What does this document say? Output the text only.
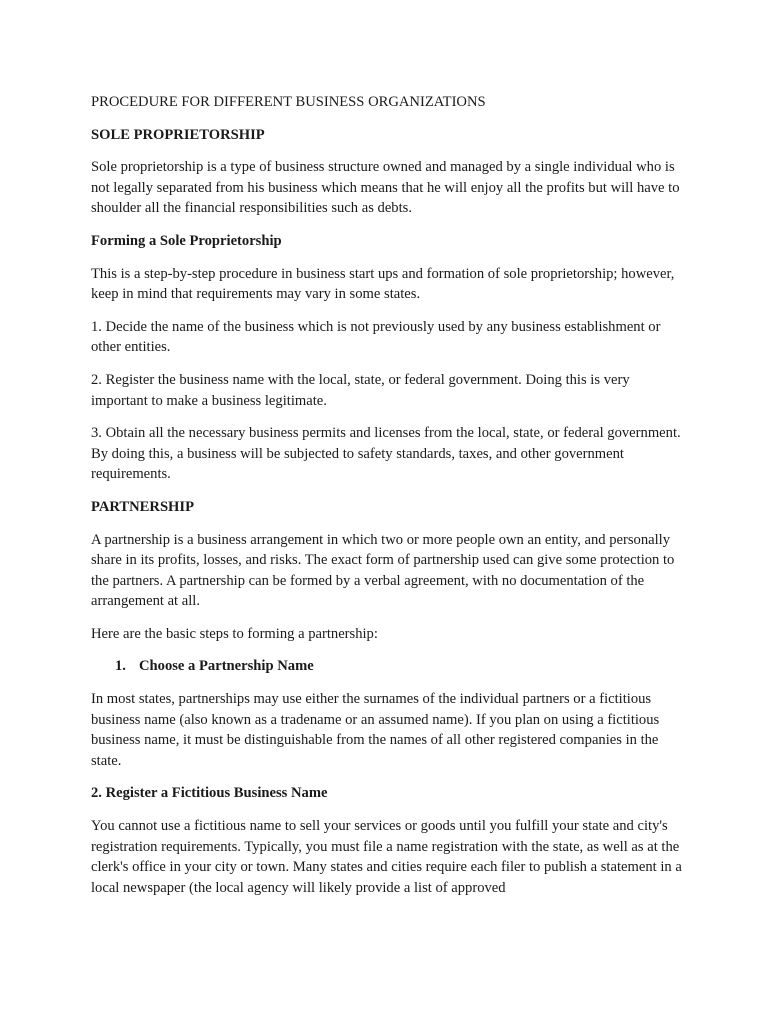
PROCEDURE FOR DIFFERENT BUSINESS ORGANIZATIONS

SOLE PROPRIETORSHIP

Sole proprietorship is a type of business structure owned and managed by a single individual who is not legally separated from his business which means that he will enjoy all the profits but will have to shoulder all the financial responsibilities such as debts.

Forming a Sole Proprietorship

This is a step-by-step procedure in business start ups and formation of sole proprietorship; however, keep in mind that requirements may vary in some states.

1. Decide the name of the business which is not previously used by any business establishment or other entities.

2. Register the business name with the local, state, or federal government. Doing this is very important to make a business legitimate.

3. Obtain all the necessary business permits and licenses from the local, state, or federal government. By doing this, a business will be subjected to safety standards, taxes, and other government requirements.

PARTNERSHIP

A partnership is a business arrangement in which two or more people own an entity, and personally share in its profits, losses, and risks. The exact form of partnership used can give some protection to the partners. A partnership can be formed by a verbal agreement, with no documentation of the arrangement at all.

Here are the basic steps to forming a partnership:

1. Choose a Partnership Name

In most states, partnerships may use either the surnames of the individual partners or a fictitious business name (also known as a tradename or an assumed name). If you plan on using a fictitious business name, it must be distinguishable from the names of all other registered companies in the state.

2. Register a Fictitious Business Name

You cannot use a fictitious name to sell your services or goods until you fulfill your state and city's registration requirements. Typically, you must file a name registration with the state, as well as at the clerk's office in your city or town. Many states and cities require each filer to publish a statement in a local newspaper (the local agency will likely provide a list of approved
